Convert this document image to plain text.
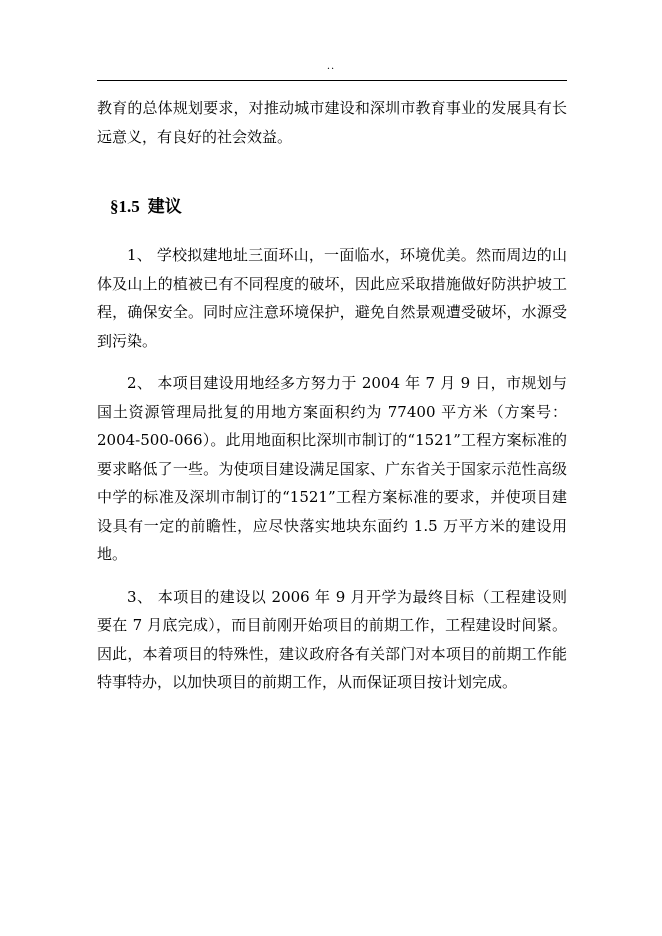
..

教育的总体规划要求，对推动城市建设和深圳市教育事业的发展具有长远意义，有良好的社会效益。

§1.5 建议

1、 学校拟建地址三面环山，一面临水，环境优美。然而周边的山体及山上的植被已有不同程度的破坏，因此应采取措施做好防洪护坡工程，确保安全。同时应注意环境保护，避免自然景观遭受破坏，水源受到污染。

2、 本项目建设用地经多方努力于 2004 年 7 月 9 日，市规划与国土资源管理局批复的用地方案面积约为 77400 平方米（方案号：2004-500-066）。此用地面积比深圳市制订的“1521”工程方案标准的要求略低了一些。为使项目建设满足国家、广东省关于国家示范性高级中学的标准及深圳市制订的“1521”工程方案标准的要求，并使项目建设具有一定的前瞻性，应尽快落实地块东面约 1.5 万平方米的建设用地。

3、 本项目的建设以 2006 年 9 月开学为最终目标（工程建设则要在 7 月底完成），而目前刚开始项目的前期工作，工程建设时间紧。因此，本着项目的特殊性，建议政府各有关部门对本项目的前期工作能特事特办，以加快项目的前期工作，从而保证项目按计划完成。
